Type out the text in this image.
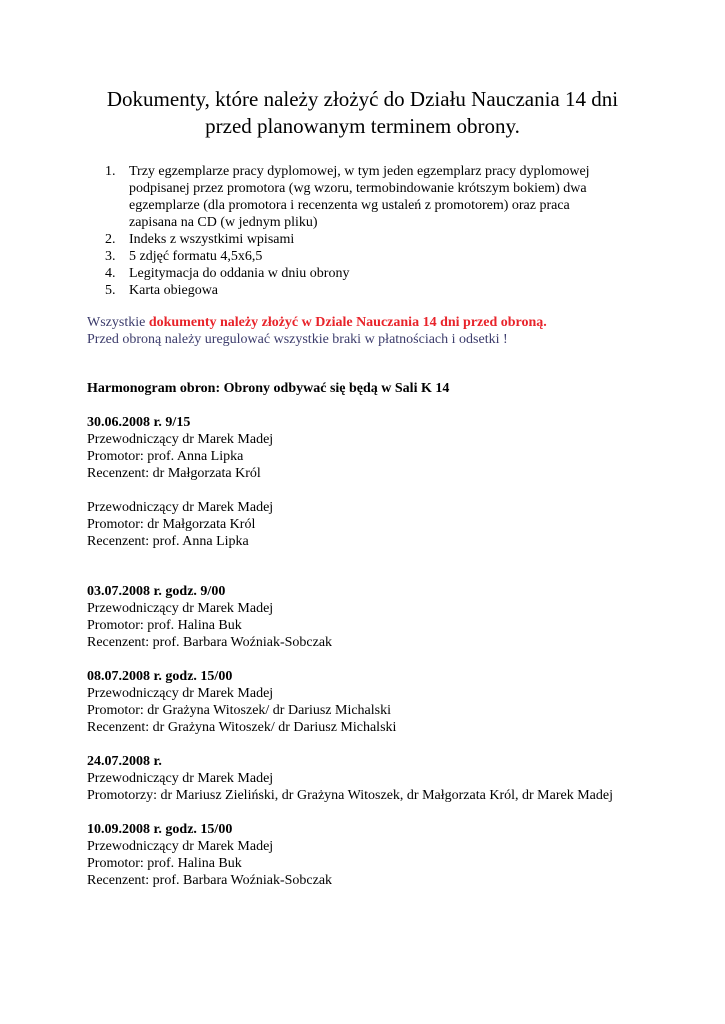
Dokumenty, które należy złożyć do Działu Nauczania 14 dni
przed planowanym terminem obrony.
1. Trzy egzemplarze pracy dyplomowej, w tym jeden egzemplarz pracy dyplomowej
podpisanej przez promotora (wg wzoru, termobindowanie krótszym bokiem) dwa
egzemplarze (dla promotora i recenzenta wg ustaleń z promotorem) oraz praca
zapisana na CD (w jednym pliku)
2. Indeks z wszystkimi wpisami
3. 5 zdjęć formatu 4,5x6,5
4. Legitymacja do oddania w dniu obrony
5. Karta obiegowa
Wszystkie dokumenty należy złożyć w Dziale Nauczania 14 dni przed obroną.
Przed obroną należy uregulować wszystkie braki w płatnościach i odsetki !
Harmonogram obron: Obrony odbywać się będą w Sali K 14
30.06.2008 r. 9/15
Przewodniczący dr Marek Madej
Promotor: prof. Anna Lipka
Recenzent: dr Małgorzata Król
Przewodniczący dr Marek Madej
Promotor: dr Małgorzata Król
Recenzent: prof. Anna Lipka
03.07.2008 r. godz. 9/00
Przewodniczący dr Marek Madej
Promotor: prof. Halina Buk
Recenzent: prof. Barbara Woźniak-Sobczak
08.07.2008 r. godz. 15/00
Przewodniczący dr Marek Madej
Promotor: dr Grażyna Witoszek/ dr Dariusz Michalski
Recenzent: dr Grażyna Witoszek/ dr Dariusz Michalski
24.07.2008 r.
Przewodniczący dr Marek Madej
Promotorzy: dr Mariusz Zieliński, dr Grażyna Witoszek, dr Małgorzata Król, dr Marek Madej
10.09.2008 r. godz. 15/00
Przewodniczący dr Marek Madej
Promotor: prof. Halina Buk
Recenzent: prof. Barbara Woźniak-Sobczak
